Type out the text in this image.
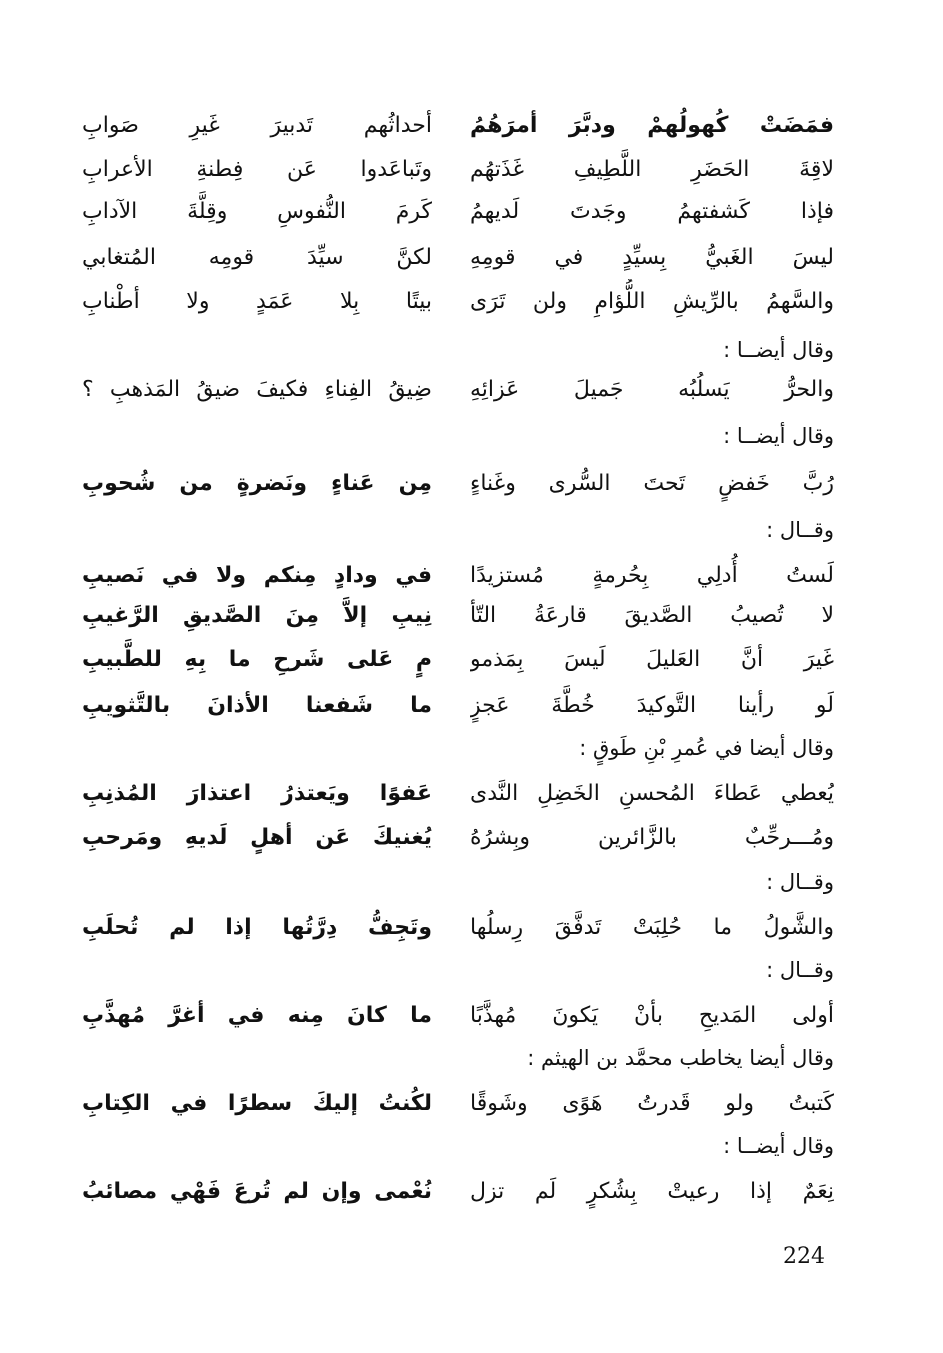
فمَضَتْ كُهولُهمْ ودبَّرَ أمرَهُمُ
أحداثُهم تَدبيرَ غَيرِ صَوابِ
لاقِةَ الحَضَرِ اللَّطِيفِ غَذَتهُم
وتَباعَدوا عَن فِطنةِ الأعرابِ
فإذا كَشفتهمُ وجَدتَ لَديهمُ
كَرمَ النُّفوسِ وقِلَّةَ الآدابِ
ليسَ الغَبيُّ بِسيِّدٍ في قومِهِ
لكنَّ سيِّدَ قومِه المُتغابي
والسَّهمُ بالرِّيشِ اللُّؤامِ ولن تَرَى
بيتًا بِلا عَمَدٍ ولا أطْنابِ
وقال أيضــا :
والحرُّ يَسلُبُه جَميلَ عَزائِهِ
ضِيقُ الفِناءِ فكيفَ ضيقُ المَذهبِ ؟
وقال أيضــا :
رُبَّ خَفضٍ تَحتَ السُّرى وغَناءٍ
مِن عَناءٍ ونَضرةٍ من شُحوبِ
وقــال :
لَستُ أُدلِي بِحُرمةٍ مُستزيدًا
في ودادٍ مِنكم ولا في نَصيبِ
لا تُصيبُ الصَّديقَ قارعَةُ التّأ
نِيبِ إلاَّ مِنَ الصَّديقِ الرَّغيبِ
غَيرَ أنَّ العَليلَ لَيسَ بِمَذمو
مٍ عَلى شَرحِ ما بِهِ للطَّبيبِ
لَو رأينا التَّوكيدَ خُطَّةَ عَجزٍ
ما شَفعنا الأذانَ بالتَّثويبِ
وقال أيضا في عُمرِ بْنِ طَوقٍ :
يُعطي عَطاءَ المُحسنِ الخَضِلِ النَّدى
عَفوًا ويَعتذرُ اعتذارَ المُذنِبِ
ومُـــرحِّبٌ بالزَّائرين وبِشرُهُ
يُغنيكَ عَن أهلٍ لَديهِ ومَرحبِ
وقــال :
والشَّولُ ما حُلِبَتْ تَدفَّقَ رِسلُها
وتَجِفُّ دِرَّتُها إذا لم تُحلَبِ
وقــال :
أولى المَديحِ بأنْ يَكونَ مُهذَّبًا
ما كانَ مِنه في أغرَّ مُهذَّبِ
وقال أيضا يخاطب محمَّد بن الهيثم :
كَتبتُ ولو قَدرتُ هَوًى وشَوقًا
لكُنتُ إليكَ سطرًا في الكِتابِ
وقال أيضــا :
نِعَمٌ إذا رعيتْ بِشُكرٍ لَم تزل
نُعْمى وإن لم تُرعَ فَهْي مصائبُ
224
